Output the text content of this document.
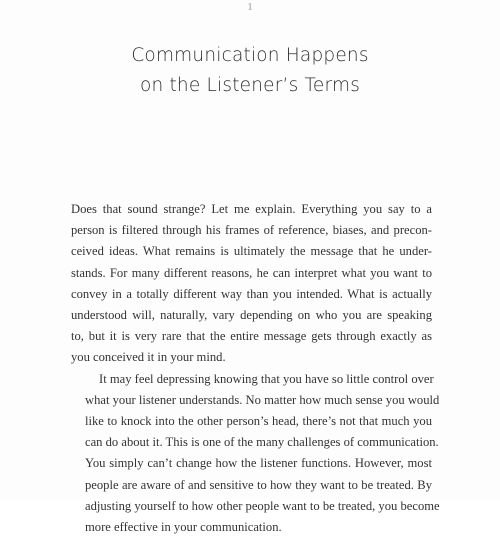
1
Communication Happens
on the Listener’s Terms

Does that sound strange? Let me explain. Everything you say to a
person is filtered through his frames of reference, biases, and precon-
ceived ideas. What remains is ultimately the message that he under-
stands. For many different reasons, he can interpret what you want to
convey in a totally different way than you intended. What is actually
understood will, naturally, vary depending on who you are speaking
to, but it is very rare that the entire message gets through exactly as
you conceived it in your mind.

It may feel depressing knowing that you have so little control over
what your listener understands. No matter how much sense you would
like to knock into the other person’s head, there’s not that much you
can do about it. This is one of the many challenges of communication.
You simply can’t change how the listener functions. However, most
people are aware of and sensitive to how they want to be treated. By
adjusting yourself to how other people want to be treated, you become
more effective in your communication.
